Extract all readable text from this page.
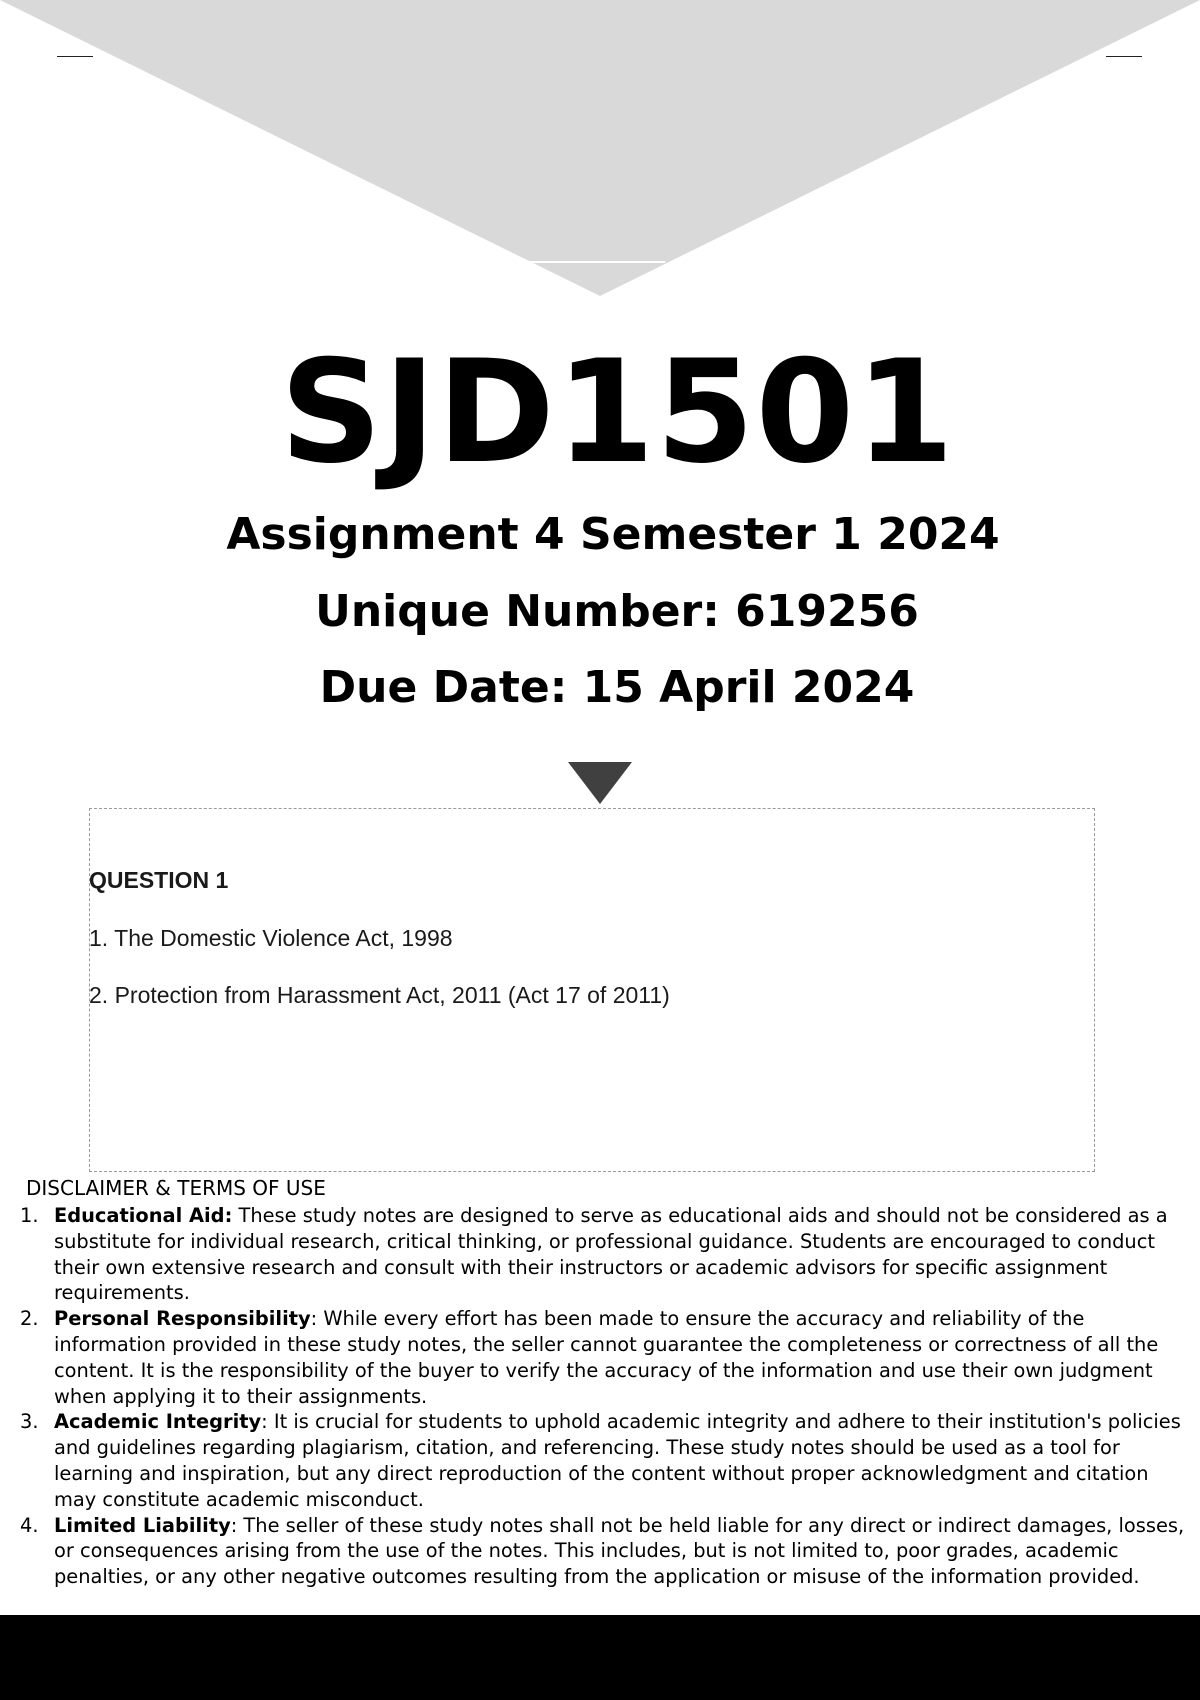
SJD1501
Assignment 4 Semester 1 2024
Unique Number: 619256
Due Date: 15 April 2024
QUESTION 1
1. The Domestic Violence Act, 1998
2. Protection from Harassment Act, 2011 (Act 17 of 2011)
DISCLAIMER & TERMS OF USE
1. Educational Aid: These study notes are designed to serve as educational aids and should not be considered as a substitute for individual research, critical thinking, or professional guidance. Students are encouraged to conduct their own extensive research and consult with their instructors or academic advisors for specific assignment requirements.
2. Personal Responsibility: While every effort has been made to ensure the accuracy and reliability of the information provided in these study notes, the seller cannot guarantee the completeness or correctness of all the content. It is the responsibility of the buyer to verify the accuracy of the information and use their own judgment when applying it to their assignments.
3. Academic Integrity: It is crucial for students to uphold academic integrity and adhere to their institution's policies and guidelines regarding plagiarism, citation, and referencing. These study notes should be used as a tool for learning and inspiration, but any direct reproduction of the content without proper acknowledgment and citation may constitute academic misconduct.
4. Limited Liability: The seller of these study notes shall not be held liable for any direct or indirect damages, losses, or consequences arising from the use of the notes. This includes, but is not limited to, poor grades, academic penalties, or any other negative outcomes resulting from the application or misuse of the information provided.
